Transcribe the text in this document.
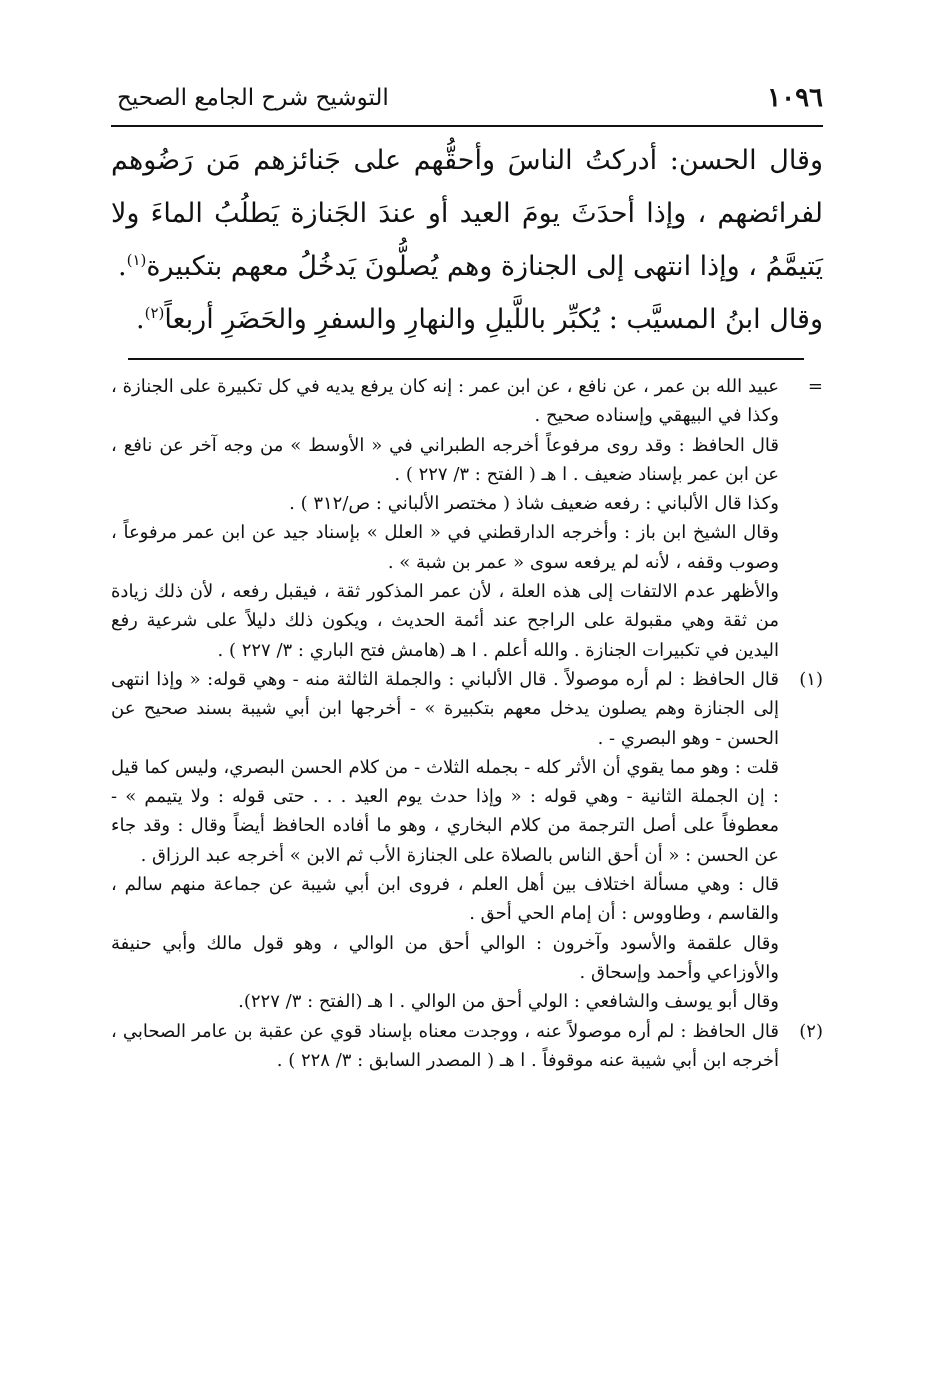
١٠٩٦
التوشيح شرح الجامع الصحيح

وقال الحسن: أدركتُ الناسَ وأحقُّهم على جَنائزهم مَن رَضُوهم لفرائضهم ، وإذا أحدَثَ يومَ العيد أو عندَ الجَنازة يَطلُبُ الماءَ ولا يَتيمَّمُ ، وإذا انتهى إلى الجنازة وهم يُصلُّونَ يَدخُلُ معهم بتكبيرة$^{(١)}$.

وقال ابنُ المسيَّب : يُكبِّر باللَّيلِ والنهارِ والسفرِ والحَضَرِ أربعاً$^{(٢)}$.

=

عبيد الله بن عمر ، عن نافع ، عن ابن عمر : إنه كان يرفع يديه في كل تكبيرة على الجنازة ، وكذا في البيهقي وإسناده صحيح .

قال الحافظ : وقد روى مرفوعاً أخرجه الطبراني في « الأوسط » من وجه آخر عن نافع ، عن ابن عمر بإسناد ضعيف . ا هـ ( الفتح : ٣/ ٢٢٧ ) .

وكذا قال الألباني : رفعه ضعيف شاذ ( مختصر الألباني : ص/٣١٢ ) .

وقال الشيخ ابن باز : وأخرجه الدارقطني في « العلل » بإسناد جيد عن ابن عمر مرفوعاً ، وصوب وقفه ، لأنه لم يرفعه سوى « عمر بن شبة » .

والأظهر عدم الالتفات إلى هذه العلة ، لأن عمر المذكور ثقة ، فيقبل رفعه ، لأن ذلك زيادة من ثقة وهي مقبولة على الراجح عند أئمة الحديث ، ويكون ذلك دليلاً على شرعية رفع اليدين في تكبيرات الجنازة . والله أعلم . ا هـ (هامش فتح الباري : ٣/ ٢٢٧ ) .

(١)

قال الحافظ : لم أره موصولاً . قال الألباني : والجملة الثالثة منه - وهي قوله: « وإذا انتهى إلى الجنازة وهم يصلون يدخل معهم بتكبيرة » - أخرجها ابن أبي شيبة بسند صحيح عن الحسن - وهو البصري - .

قلت : وهو مما يقوي أن الأثر كله - بجمله الثلاث - من كلام الحسن البصري، وليس كما قيل : إن الجملة الثانية - وهي قوله : « وإذا حدث يوم العيد . . . حتى قوله : ولا يتيمم » - معطوفاً على أصل الترجمة من كلام البخاري ، وهو ما أفاده الحافظ أيضاً وقال : وقد جاء عن الحسن : « أن أحق الناس بالصلاة على الجنازة الأب ثم الابن » أخرجه عبد الرزاق .

قال : وهي مسألة اختلاف بين أهل العلم ، فروى ابن أبي شيبة عن جماعة منهم سالم ، والقاسم ، وطاووس : أن إمام الحي أحق .

وقال علقمة والأسود وآخرون : الوالي أحق من الوالي ، وهو قول مالك وأبي حنيفة والأوزاعي وأحمد وإسحاق .

وقال أبو يوسف والشافعي : الولي أحق من الوالي . ا هـ (الفتح : ٣/ ٢٢٧).

(٢)

قال الحافظ : لم أره موصولاً عنه ، ووجدت معناه بإسناد قوي عن عقبة بن عامر الصحابي ، أخرجه ابن أبي شيبة عنه موقوفاً . ا هـ ( المصدر السابق : ٣/ ٢٢٨ ) .
